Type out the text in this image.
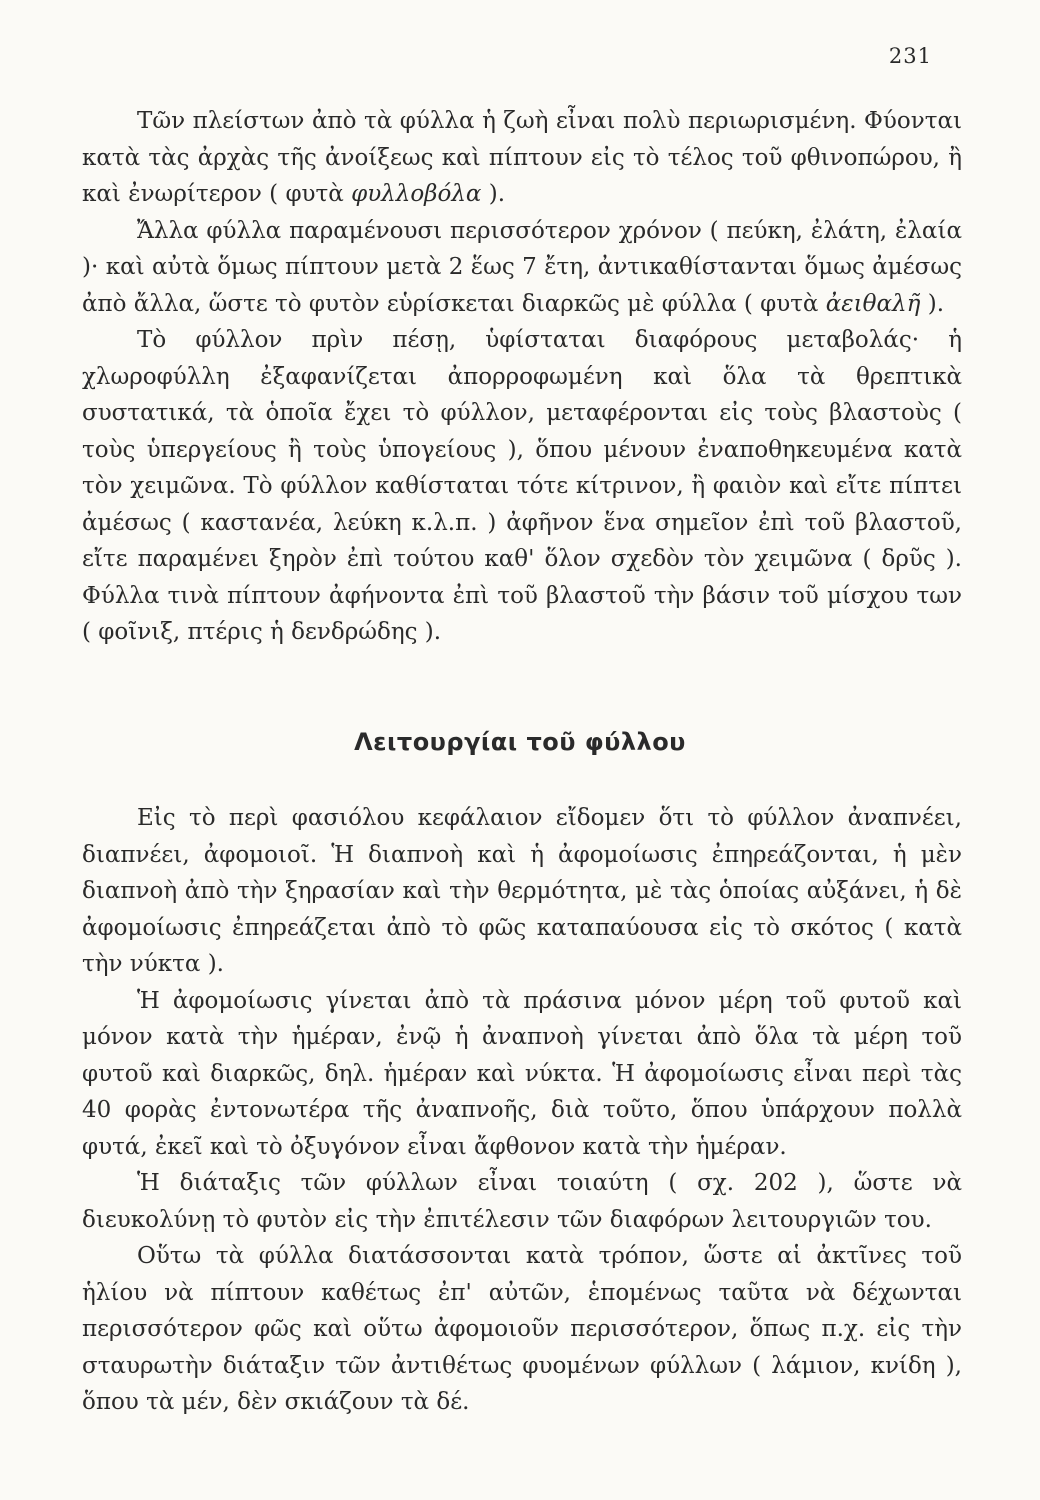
231

Τῶν πλείστων ἀπὸ τὰ φύλλα ἡ ζωὴ εἶναι πολὺ περιωρισμένη. Φύονται κατὰ τὰς ἀρχὰς τῆς ἀνοίξεως καὶ πίπτουν εἰς τὸ τέλος τοῦ φθινοπώρου, ἢ καὶ ἐνωρίτερον ( φυτὰ φυλλοβόλα ).

Ἄλλα φύλλα παραμένουσι περισσότερον χρόνον ( πεύκη, ἐλάτη, ἐλαία )· καὶ αὐτὰ ὅμως πίπτουν μετὰ 2 ἕως 7 ἔτη, ἀντικαθίστανται ὅμως ἀμέσως ἀπὸ ἄλλα, ὥστε τὸ φυτὸν εὑρίσκεται διαρκῶς μὲ φύλλα ( φυτὰ ἀειθαλῆ ).

Τὸ φύλλον πρὶν πέσῃ, ὑφίσταται διαφόρους μεταβολάς· ἡ χλωροφύλλη ἐξαφανίζεται ἀπορροφωμένη καὶ ὅλα τὰ θρεπτικὰ συστατικά, τὰ ὁποῖα ἔχει τὸ φύλλον, μεταφέρονται εἰς τοὺς βλαστοὺς ( τοὺς ὑπεργείους ἢ τοὺς ὑπογείους ), ὅπου μένουν ἐναποθηκευμένα κατὰ τὸν χειμῶνα. Τὸ φύλλον καθίσταται τότε κίτρινον, ἢ φαιὸν καὶ εἴτε πίπτει ἀμέσως ( καστανέα, λεύκη κ.λ.π. ) ἀφῆνον ἕνα σημεῖον ἐπὶ τοῦ βλαστοῦ, εἴτε παραμένει ξηρὸν ἐπὶ τούτου καθ' ὅλον σχεδὸν τὸν χειμῶνα ( δρῦς ). Φύλλα τινὰ πίπτουν ἀφήνοντα ἐπὶ τοῦ βλαστοῦ τὴν βάσιν τοῦ μίσχου των ( φοῖνιξ, πτέρις ἡ δενδρώδης ).

Λειτουργίαι τοῦ φύλλου

Εἰς τὸ περὶ φασιόλου κεφάλαιον εἴδομεν ὅτι τὸ φύλλον ἀναπνέει, διαπνέει, ἀφομοιοῖ. Ἡ διαπνοὴ καὶ ἡ ἀφομοίωσις ἐπηρεάζονται, ἡ μὲν διαπνοὴ ἀπὸ τὴν ξηρασίαν καὶ τὴν θερμότητα, μὲ τὰς ὁποίας αὐξάνει, ἡ δὲ ἀφομοίωσις ἐπηρεάζεται ἀπὸ τὸ φῶς καταπαύουσα εἰς τὸ σκότος ( κατὰ τὴν νύκτα ).

Ἡ ἀφομοίωσις γίνεται ἀπὸ τὰ πράσινα μόνον μέρη τοῦ φυτοῦ καὶ μόνον κατὰ τὴν ἡμέραν, ἐνῷ ἡ ἀναπνοὴ γίνεται ἀπὸ ὅλα τὰ μέρη τοῦ φυτοῦ καὶ διαρκῶς, δηλ. ἡμέραν καὶ νύκτα. Ἡ ἀφομοίωσις εἶναι περὶ τὰς 40 φορὰς ἐντονωτέρα τῆς ἀναπνοῆς, διὰ τοῦτο, ὅπου ὑπάρχουν πολλὰ φυτά, ἐκεῖ καὶ τὸ ὀξυγόνον εἶναι ἄφθονον κατὰ τὴν ἡμέραν.

Ἡ διάταξις τῶν φύλλων εἶναι τοιαύτη ( σχ. 202 ), ὥστε νὰ διευκολύνῃ τὸ φυτὸν εἰς τὴν ἐπιτέλεσιν τῶν διαφόρων λειτουργιῶν του.

Οὕτω τὰ φύλλα διατάσσονται κατὰ τρόπον, ὥστε αἱ ἀκτῖνες τοῦ ἡλίου νὰ πίπτουν καθέτως ἐπ' αὐτῶν, ἑπομένως ταῦτα νὰ δέχωνται περισσότερον φῶς καὶ οὕτω ἀφομοιοῦν περισσότερον, ὅπως π.χ. εἰς τὴν σταυρωτὴν διάταξιν τῶν ἀντιθέτως φυομένων φύλλων ( λάμιον, κνίδη ), ὅπου τὰ μέν, δὲν σκιάζουν τὰ δέ.
